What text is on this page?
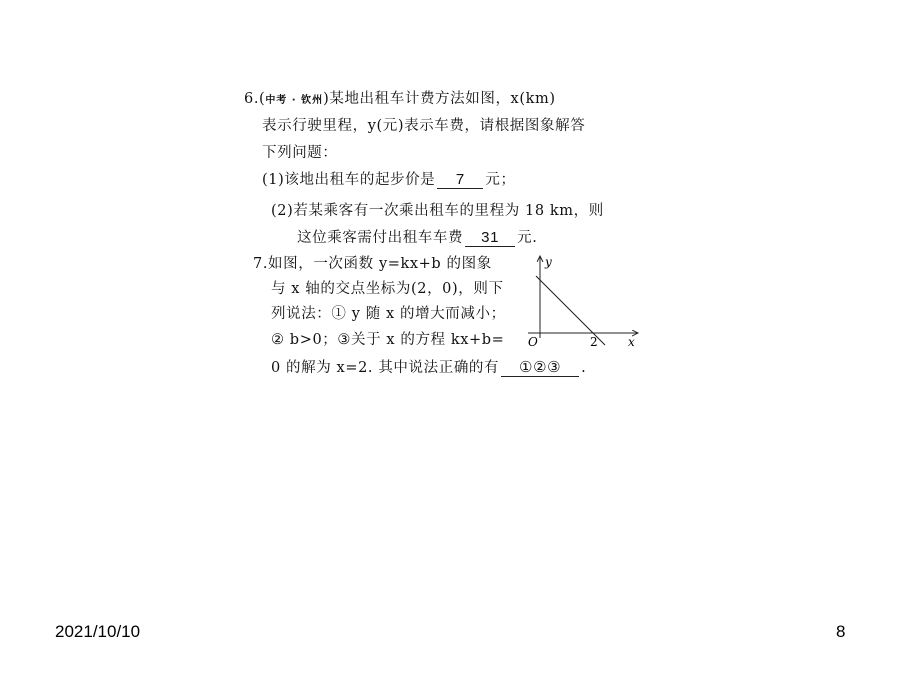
6.(中考 · 钦州)某地出租车计费方法如图，x(km)
表示行驶里程，y(元)表示车费，请根据图象解答
下列问题：
(1)该地出租车的起步价是 7 元；
(2)若某乘客有一次乘出租车的里程为 18 km，则
这位乘客需付出租车车费 31 元.
7.如图，一次函数 y=kx+b 的图象
与 x 轴的交点坐标为(2，0)，则下
列说法：① y 随 x 的增大而减小；
② b>0；③关于 x 的方程 kx+b=
0 的解为 x=2. 其中说法正确的有 ①②③ .
y
x
O	2
2021/10/10	8
